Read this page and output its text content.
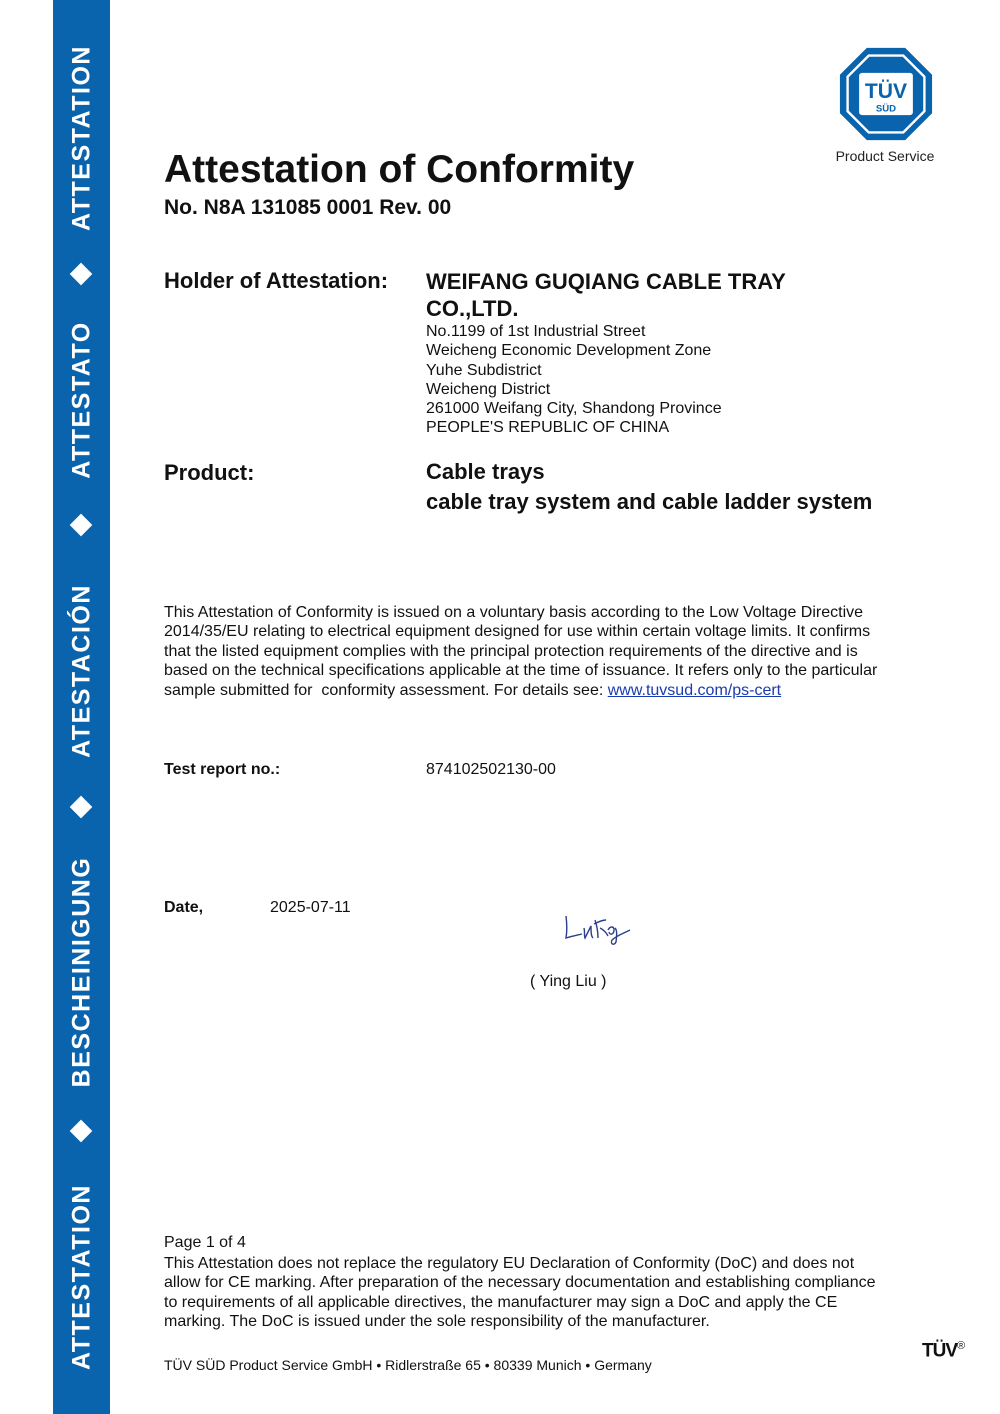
ATTESTATION
ATTESTATO
ATESTACIÓN
BESCHEINIGUNG
ATTESTATION
TÜV
SÜD
Product Service
Attestation of Conformity
No. N8A 131085 0001 Rev. 00
Holder of Attestation: WEIFANG GUQIANG CABLE TRAY
CO.,LTD.
No.1199 of 1st Industrial Street
Weicheng Economic Development Zone
Yuhe Subdistrict
Weicheng District
261000 Weifang City, Shandong Province
PEOPLE'S REPUBLIC OF CHINA
Product:	Cable trays
cable tray system and cable ladder system
This Attestation of Conformity is issued on a voluntary basis according to the Low Voltage Directive
2014/35/EU relating to electrical equipment designed for use within certain voltage limits. It confirms
that the listed equipment complies with the principal protection requirements of the directive and is
based on the technical specifications applicable at the time of issuance. It refers only to the particular
sample submitted for  conformity assessment. For details see: www.tuvsud.com/ps-cert
Test report no.:	874102502130-00
Date,	2025-07-11
( Ying Liu )
Page 1 of 4
This Attestation does not replace the regulatory EU Declaration of Conformity (DoC) and does not
allow for CE marking. After preparation of the necessary documentation and establishing compliance
to requirements of all applicable directives, the manufacturer may sign a DoC and apply the CE
marking. The DoC is issued under the sole responsibility of the manufacturer.
TÜV SÜD Product Service GmbH • Ridlerstraße 65 • 80339 Munich • Germany
TÜV®
